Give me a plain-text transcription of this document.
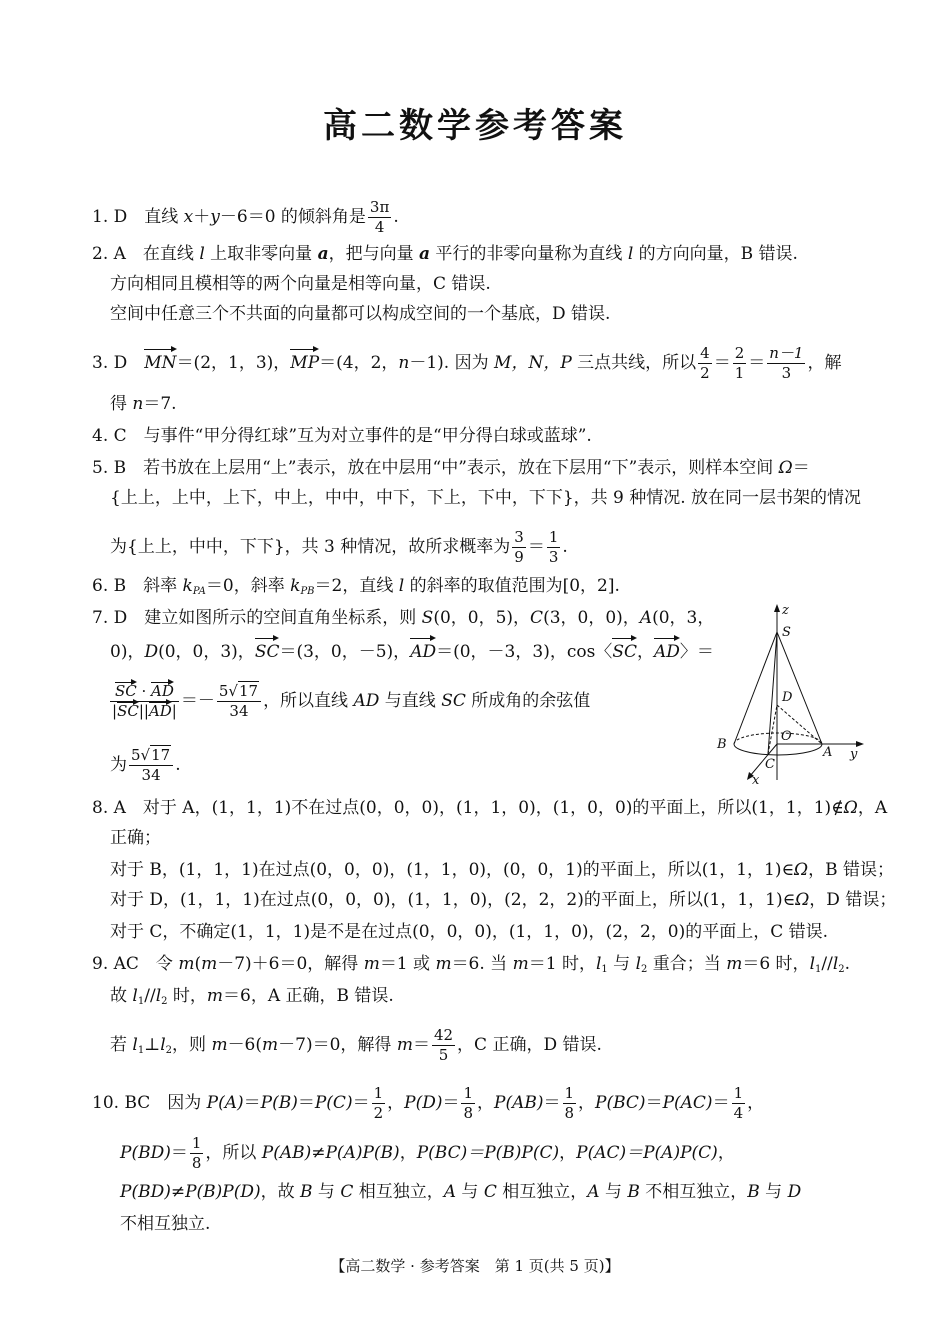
高二数学参考答案
1. D　直线 x＋y－6＝0 的倾斜角是 $\frac{3\pi}{4}$ .
2. A　在直线 l 上取非零向量 a，把与向量 a 平行的非零向量称为直线 l 的方向向量，B 错误.
方向相同且模相等的两个向量是相等向量，C 错误.
空间中任意三个不共面的向量都可以构成空间的一个基底，D 错误.
3. D　MN＝(2，1，3)，MP＝(4，2，n－1). 因为 M，N，P 三点共线，所以 $\frac{4}{2} = \frac{2}{1} = \frac{n-1}{3}$ ，解
得 n＝7.
4. C　与事件“甲分得红球”互为对立事件的是“甲分得白球或蓝球”.
5. B　若书放在上层用“上”表示，放在中层用“中”表示，放在下层用“下”表示，则样本空间 Ω＝
{上上，上中，上下，中上，中中，中下，下上，下中，下下}，共 9 种情况. 放在同一层书架的情况
为{上上，中中，下下}，共 3 种情况，故所求概率为 $\frac{3}{9} = \frac{1}{3}$ .
6. B　斜率 $k_{PA}=0$，斜率 $k_{PB}=2$，直线 l 的斜率的取值范围为[0，2].
7. D　建立如图所示的空间直角坐标系，则 S(0，0，5)，C(3，0，0)，A(0，3，
0)，D(0，0，3)，SC＝(3，0，－5)，AD＝(0，－3，3)，cos〈SC，AD〉＝
$\frac{SC \cdot AD}{|SC||AD|} =- \frac{5√17}{34}$ ，所以直线 AD 与直线 SC 所成角的余弦值
为 $\frac{5√17}{34}$ .
z
S
D
O
B
A
C
x
y
8. A　对于 A，(1，1，1)不在过点(0，0，0)，(1，1，0)，(1，0，0)的平面上，所以(1，1，1)∉Ω，A
正确；
对于 B，(1，1，1)在过点(0，0，0)，(1，1，0)，(0，0，1)的平面上，所以(1，1，1)∈Ω，B 错误；
对于 D，(1，1，1)在过点(0，0，0)，(1，1，0)，(2，2，2)的平面上，所以(1，1，1)∈Ω，D 错误；
对于 C，不确定(1，1，1)是不是在过点(0，0，0)，(1，1，0)，(2，2，0)的平面上，C 错误.
9. AC　令 m(m－7)＋6＝0，解得 m＝1 或 m＝6. 当 m＝1 时，$l_1$ 与 $l_2$ 重合；当 m＝6 时，$l_1//l_2$.
故 $l_1//l_2$ 时，m＝6，A 正确，B 错误.
若 $l_1\perp l_2$，则 m－6(m－7)＝0，解得 $m= \frac{42}{5}$ ，C 正确，D 错误.
10. BC　因为 $P(A)=P(B)=P(C)= \frac{1}{2}$ ，$P(D)= \frac{1}{8}$ ，$P(AB)= \frac{1}{8}$ ，$P(BC)=P(AC)= \frac{1}{4}$ ，
$P(BD)= \frac{1}{8}$ ，所以 P(AB)≠P(A)P(B)，P(BC)＝P(B)P(C)，P(AC)＝P(A)P(C)，
P(BD)≠P(B)P(D)，故 B 与 C 相互独立，A 与 C 相互独立，A 与 B 不相互独立，B 与 D
不相互独立.
【高二数学 · 参考答案　第 1 页(共 5 页)】
